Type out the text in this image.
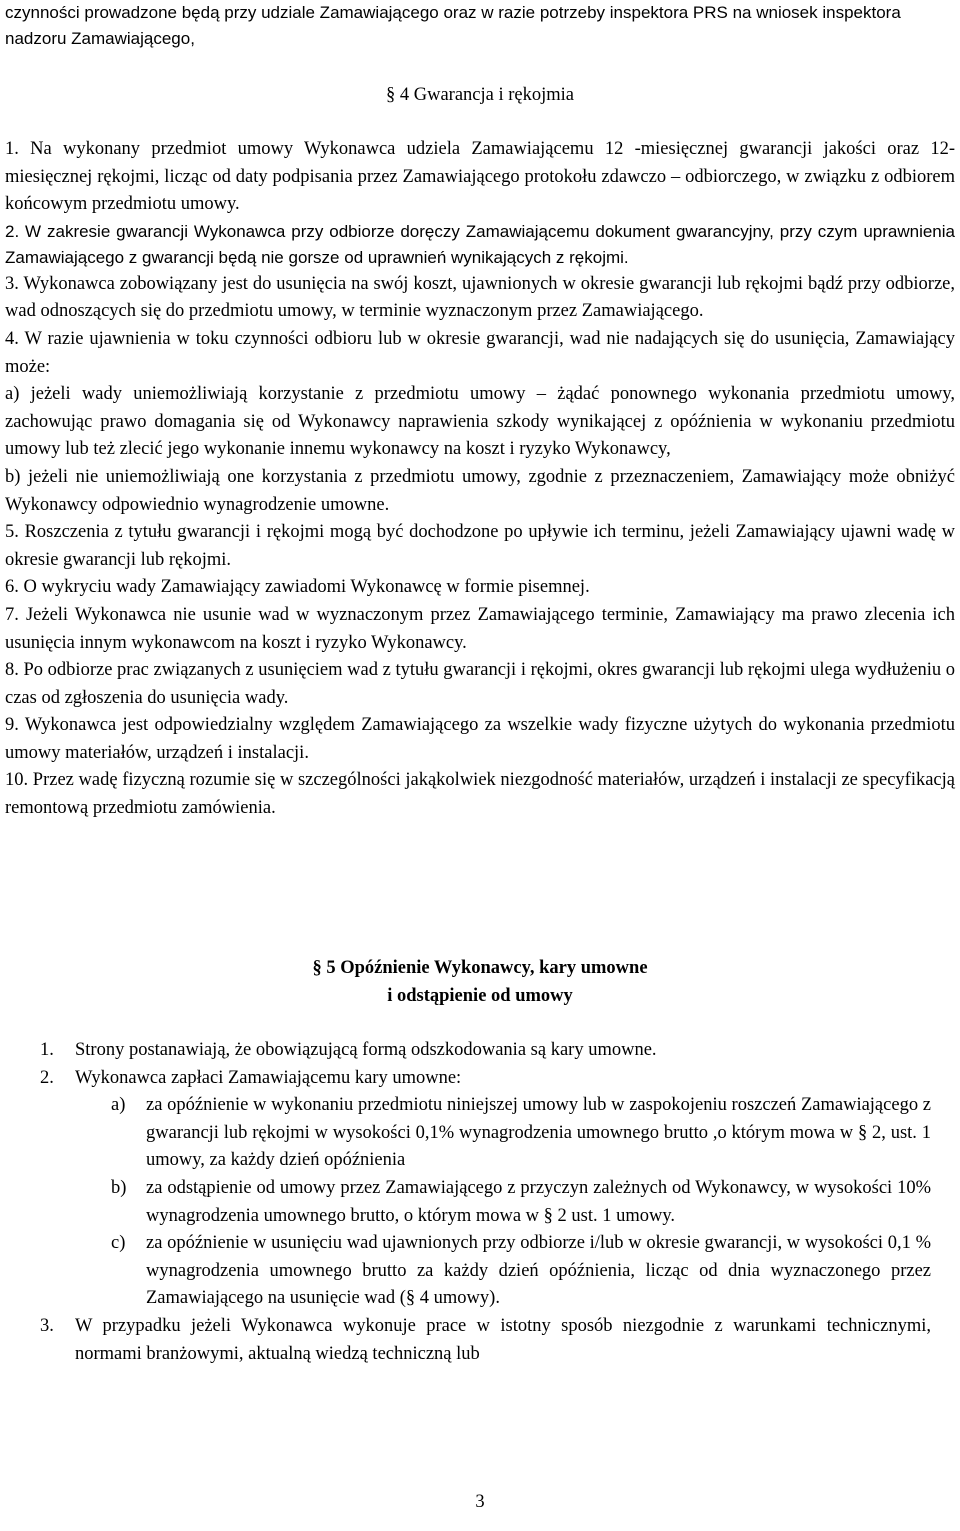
czynności prowadzone będą przy udziale Zamawiającego oraz w razie potrzeby inspektora PRS na wniosek inspektora nadzoru Zamawiającego,

§ 4 Gwarancja i rękojmia

1. Na wykonany przedmiot umowy Wykonawca udziela Zamawiającemu 12 -miesięcznej gwarancji jakości oraz 12- miesięcznej rękojmi, licząc od daty podpisania przez Zamawiającego protokołu zdawczo – odbiorczego, w związku z odbiorem końcowym przedmiotu umowy.

2. W zakresie gwarancji Wykonawca przy odbiorze doręczy Zamawiającemu dokument gwarancyjny, przy czym uprawnienia Zamawiającego z gwarancji będą nie gorsze od uprawnień wynikających z rękojmi.

3. Wykonawca zobowiązany jest do usunięcia na swój koszt, ujawnionych w okresie gwarancji lub rękojmi bądź przy odbiorze, wad odnoszących się do przedmiotu umowy, w terminie wyznaczonym przez Zamawiającego.

4. W razie ujawnienia w toku czynności odbioru lub w okresie gwarancji, wad nie nadających się do usunięcia, Zamawiający może:

a) jeżeli wady uniemożliwiają korzystanie z przedmiotu umowy – żądać ponownego wykonania przedmiotu umowy, zachowując prawo domagania się od Wykonawcy naprawienia szkody wynikającej z opóźnienia w wykonaniu przedmiotu umowy lub też zlecić jego wykonanie innemu wykonawcy na koszt i ryzyko Wykonawcy,

b) jeżeli nie uniemożliwiają one korzystania z przedmiotu umowy, zgodnie z przeznaczeniem, Zamawiający może obniżyć Wykonawcy odpowiednio wynagrodzenie umowne.

5. Roszczenia z tytułu gwarancji i rękojmi mogą być dochodzone po upływie ich terminu, jeżeli Zamawiający ujawni wadę w okresie gwarancji lub rękojmi.

6. O wykryciu wady Zamawiający zawiadomi Wykonawcę w formie pisemnej.

7. Jeżeli Wykonawca nie usunie wad w wyznaczonym przez Zamawiającego terminie, Zamawiający ma prawo zlecenia ich usunięcia innym wykonawcom na koszt i ryzyko Wykonawcy.

8. Po odbiorze prac związanych z usunięciem wad z tytułu gwarancji i rękojmi, okres gwarancji lub rękojmi ulega wydłużeniu o czas od zgłoszenia do usunięcia wady.

9. Wykonawca jest odpowiedzialny względem Zamawiającego za wszelkie wady fizyczne użytych do wykonania przedmiotu umowy materiałów, urządzeń i instalacji.

10. Przez wadę fizyczną rozumie się w szczególności jakąkolwiek niezgodność materiałów, urządzeń i instalacji ze specyfikacją remontową przedmiotu zamówienia.

§ 5 Opóźnienie Wykonawcy, kary umowne
i odstąpienie od umowy
1. Strony postanawiają, że obowiązującą formą odszkodowania są kary umowne.
2. Wykonawca zapłaci Zamawiającemu kary umowne:
a) za opóźnienie w wykonaniu przedmiotu niniejszej umowy lub w zaspokojeniu roszczeń Zamawiającego z gwarancji lub rękojmi w wysokości 0,1% wynagrodzenia umownego brutto ,o którym mowa w § 2, ust. 1 umowy, za każdy dzień opóźnienia
b) za odstąpienie od umowy przez Zamawiającego z przyczyn zależnych od Wykonawcy, w wysokości 10% wynagrodzenia umownego brutto, o którym mowa w § 2 ust. 1 umowy.
c) za opóźnienie w usunięciu wad ujawnionych przy odbiorze i/lub w okresie gwarancji, w wysokości 0,1 % wynagrodzenia umownego brutto za każdy dzień opóźnienia, licząc od dnia wyznaczonego przez Zamawiającego na usunięcie wad (§ 4 umowy).
3. W przypadku jeżeli Wykonawca wykonuje prace w istotny sposób niezgodnie z warunkami technicznymi, normami branżowymi, aktualną wiedzą techniczną lub
3
